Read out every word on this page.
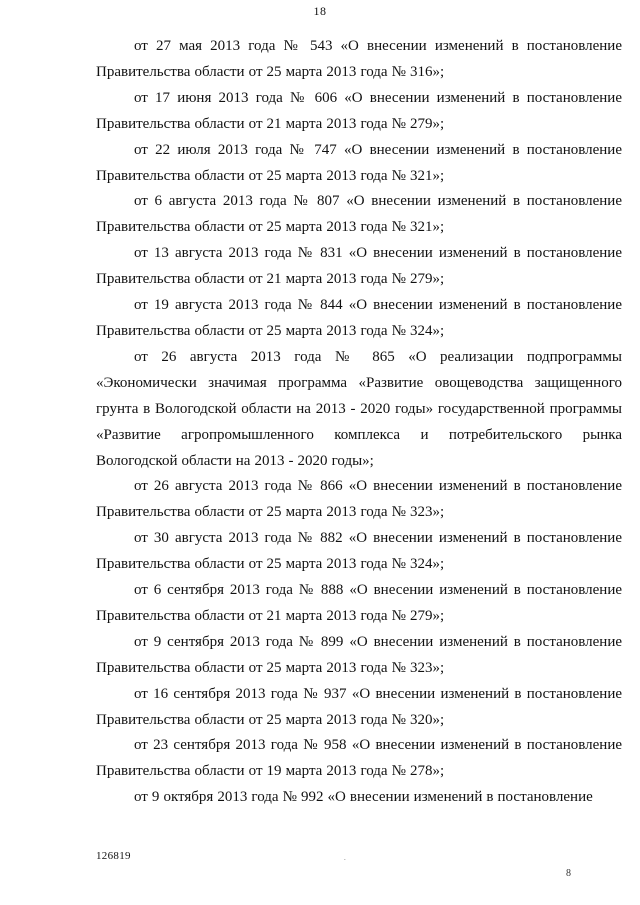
18

от 27 мая 2013 года № 543 «О внесении изменений в постановление Правительства области от 25 марта 2013 года № 316»;

от 17 июня 2013 года № 606 «О внесении изменений в постановление Правительства области от 21 марта 2013 года № 279»;

от 22 июля 2013 года № 747 «О внесении изменений в постановление Правительства области от 25 марта 2013 года № 321»;

от 6 августа 2013 года № 807 «О внесении изменений в постановление Правительства области от 25 марта 2013 года № 321»;

от 13 августа 2013 года № 831 «О внесении изменений в постановление Правительства области от 21 марта 2013 года № 279»;

от 19 августа 2013 года № 844 «О внесении изменений в постановление Правительства области от 25 марта 2013 года № 324»;

от 26 августа 2013 года № 865 «О реализации подпрограммы «Экономически значимая программа «Развитие овощеводства защищенного грунта в Вологодской области на 2013 - 2020 годы» государственной программы «Развитие агропромышленного комплекса и потребительского рынка Вологодской области на 2013 - 2020 годы»;

от 26 августа 2013 года № 866 «О внесении изменений в постановление Правительства области от 25 марта 2013 года № 323»;

от 30 августа 2013 года № 882 «О внесении изменений в постановление Правительства области от 25 марта 2013 года № 324»;

от 6 сентября 2013 года № 888 «О внесении изменений в постановление Правительства области от 21 марта 2013 года № 279»;

от 9 сентября 2013 года № 899 «О внесении изменений в постановление Правительства области от 25 марта 2013 года № 323»;

от 16 сентября 2013 года № 937 «О внесении изменений в постановление Правительства области от 25 марта 2013 года № 320»;

от 23 сентября 2013 года № 958 «О внесении изменений в постановление Правительства области от 19 марта 2013 года № 278»;

от 9 октября 2013 года № 992 «О внесении изменений в постановление

126819	.
8
